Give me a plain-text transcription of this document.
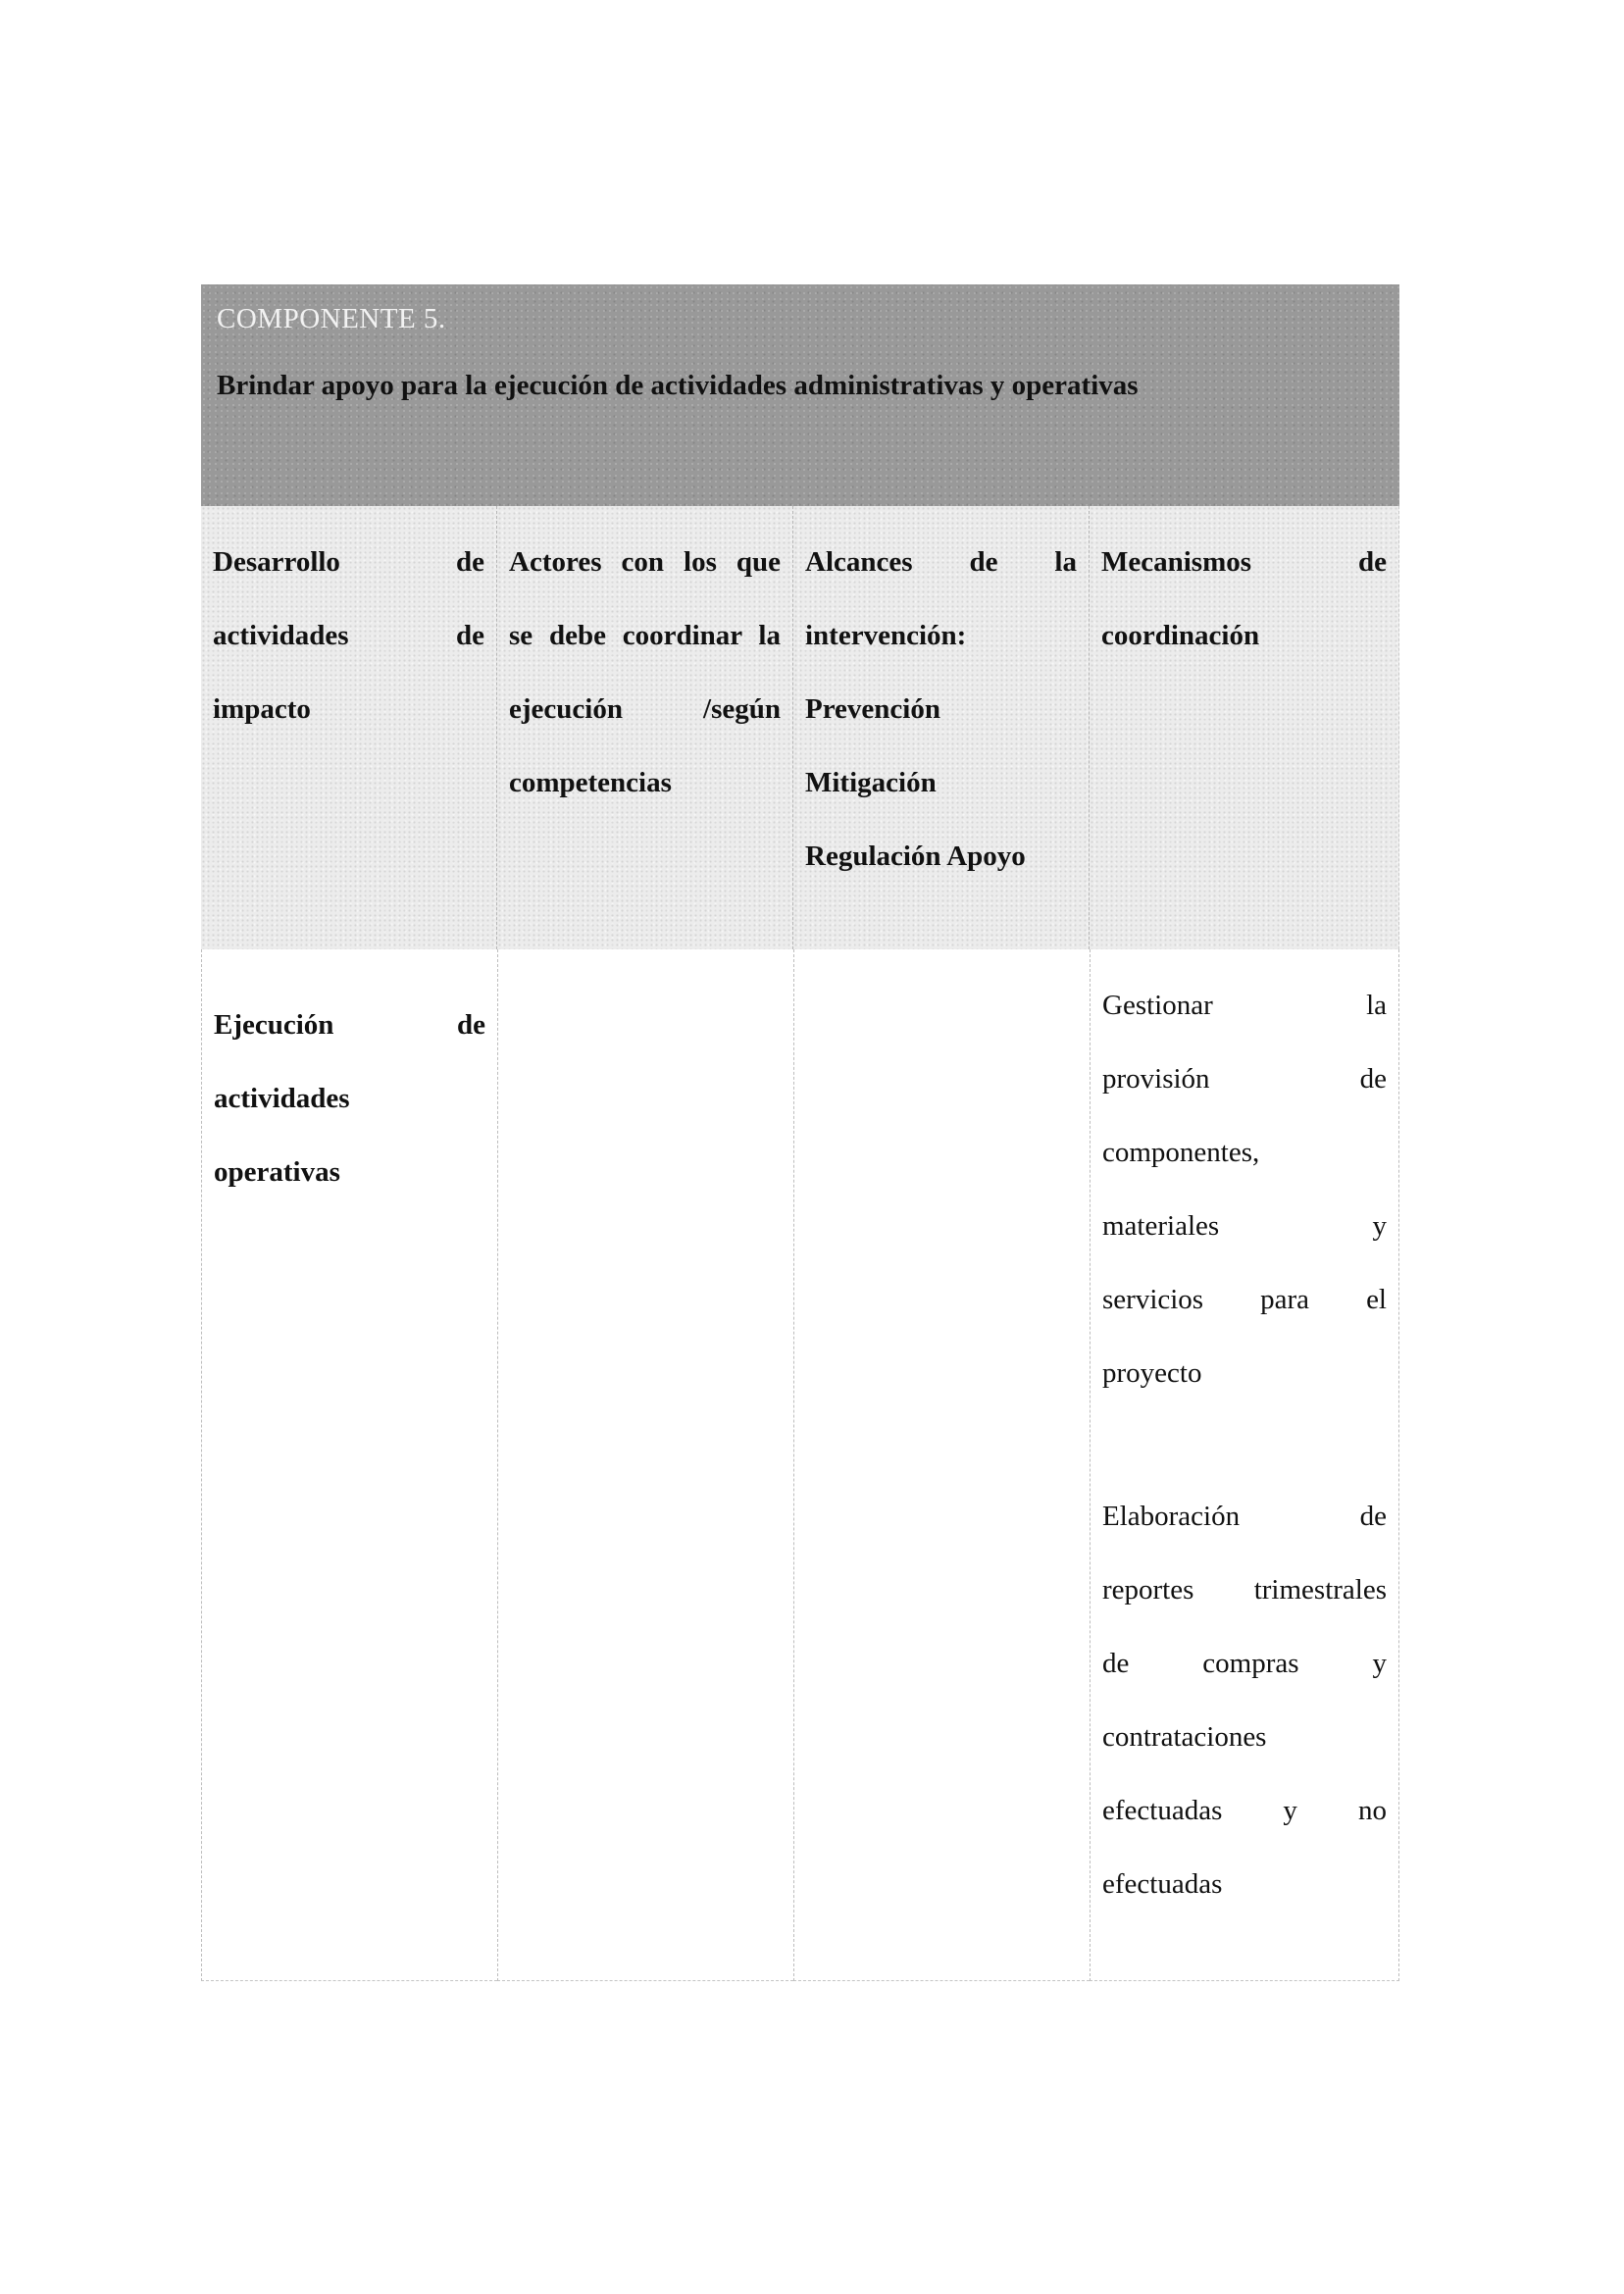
COMPONENTE 5.

Brindar apoyo para la ejecución de actividades administrativas y operativas

Desarrollo de
actividades de
impacto
Actores con los que
se debe coordinar la
ejecución /según
competencias
Alcances de la
intervención:
Prevención
Mitigación
Regulación Apoyo
Mecanismos de
coordinación
Ejecución de
actividades
operativas
Gestionar la
provisión de
componentes,
materiales y
servicios para el
proyecto
Elaboración de
reportes trimestrales
de compras y
contrataciones
efectuadas y no
efectuadas
